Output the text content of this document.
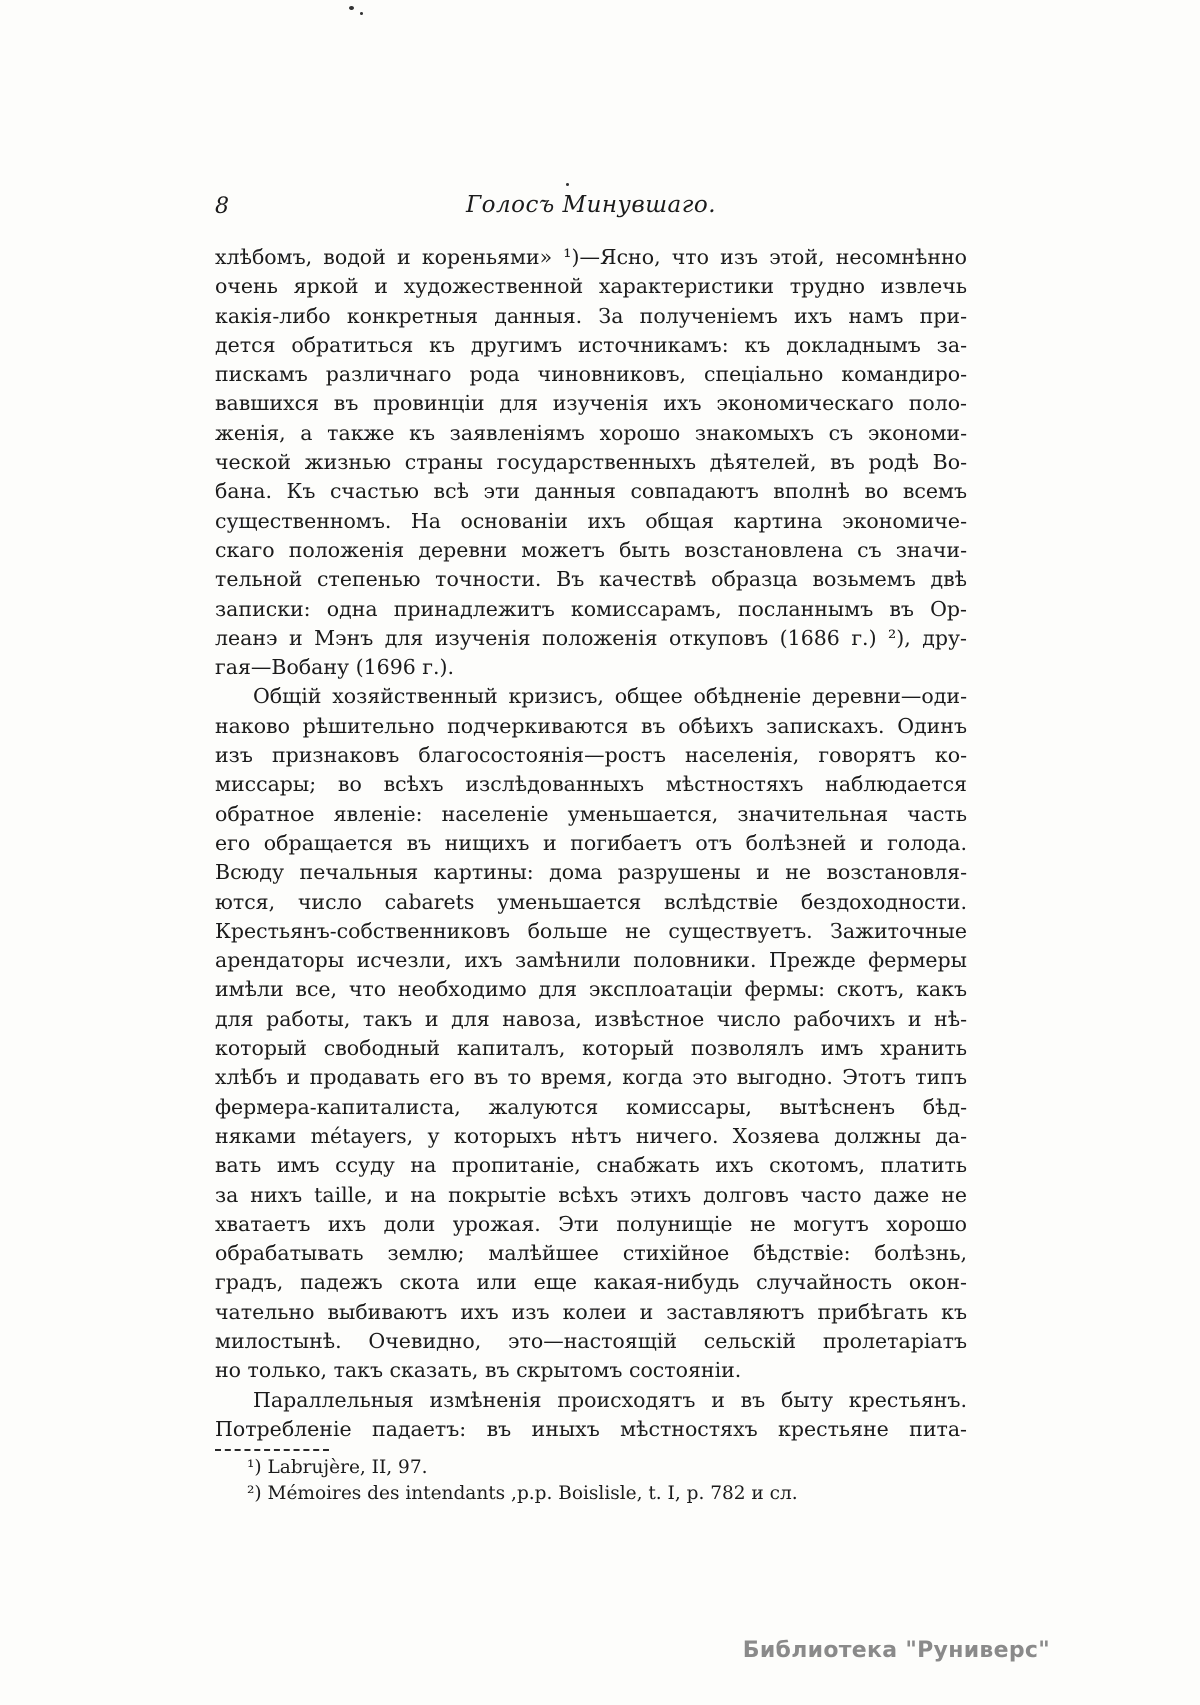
8	Голосъ Минувшаго.
хлѣбомъ, водой и кореньями» ¹)—Ясно, что изъ этой, несомнѣнно
очень яркой и художественной характеристики трудно извлечь
какія-либо конкретныя данныя. За полученіемъ ихъ намъ при-
дется обратиться къ другимъ источникамъ: къ докладнымъ за-
пискамъ различнаго рода чиновниковъ, спеціально командиро-
вавшихся въ провинціи для изученія ихъ экономическаго поло-
женія, а также къ заявленіямъ хорошо знакомыхъ съ экономи-
ческой жизнью страны государственныхъ дѣятелей, въ родѣ Во-
бана. Къ счастью всѣ эти данныя совпадаютъ вполнѣ во всемъ
существенномъ. На основаніи ихъ общая картина экономиче-
скаго положенія деревни можетъ быть возстановлена съ значи-
тельной степенью точности. Въ качествѣ образца возьмемъ двѣ
записки: одна принадлежитъ комиссарамъ, посланнымъ въ Ор-
леанэ и Мэнъ для изученія положенія откуповъ (1686 г.) ²), дру-
гая—Вобану (1696 г.).
Общій хозяйственный кризисъ, общее обѣдненіе деревни—оди-
наково рѣшительно подчеркиваются въ обѣихъ запискахъ. Одинъ
изъ признаковъ благосостоянія—ростъ населенія, говорятъ ко-
миссары; во всѣхъ изслѣдованныхъ мѣстностяхъ наблюдается
обратное явленіе: населеніе уменьшается, значительная часть
его обращается въ нищихъ и погибаетъ отъ болѣзней и голода.
Всюду печальныя картины: дома разрушены и не возстановля-
ются, число cabarets уменьшается вслѣдствіе бездоходности.
Крестьянъ-собственниковъ больше не существуетъ. Зажиточные
арендаторы исчезли, ихъ замѣнили половники. Прежде фермеры
имѣли все, что необходимо для эксплоатаціи фермы: скотъ, какъ
для работы, такъ и для навоза, извѣстное число рабочихъ и нѣ-
который свободный капиталъ, который позволялъ имъ хранить
хлѣбъ и продавать его въ то время, когда это выгодно. Этотъ типъ
фермера-капиталиста, жалуются комиссары, вытѣсненъ бѣд-
няками métayers, у которыхъ нѣтъ ничего. Хозяева должны да-
вать имъ ссуду на пропитаніе, снабжать ихъ скотомъ, платить
за нихъ taille, и на покрытіе всѣхъ этихъ долговъ часто даже не
хватаетъ ихъ доли урожая. Эти полунищіе не могутъ хорошо
обрабатывать землю; малѣйшее стихійное бѣдствіе: болѣзнь,
градъ, падежъ скота или еще какая-нибудь случайность окон-
чательно выбиваютъ ихъ изъ колеи и заставляютъ прибѣгать къ
милостынѣ. Очевидно, это—настоящій сельскій пролетаріатъ
но только, такъ сказать, въ скрытомъ состояніи.
Параллельныя измѣненія происходятъ и въ быту крестьянъ.
Потребленіе падаетъ: въ иныхъ мѣстностяхъ крестьяне пита-
¹) Labrujère, II, 97.
²) Mémoires des intendants ,p.p. Boislisle, t. I, p. 782 и сл.
Библиотека "Руниверс"
